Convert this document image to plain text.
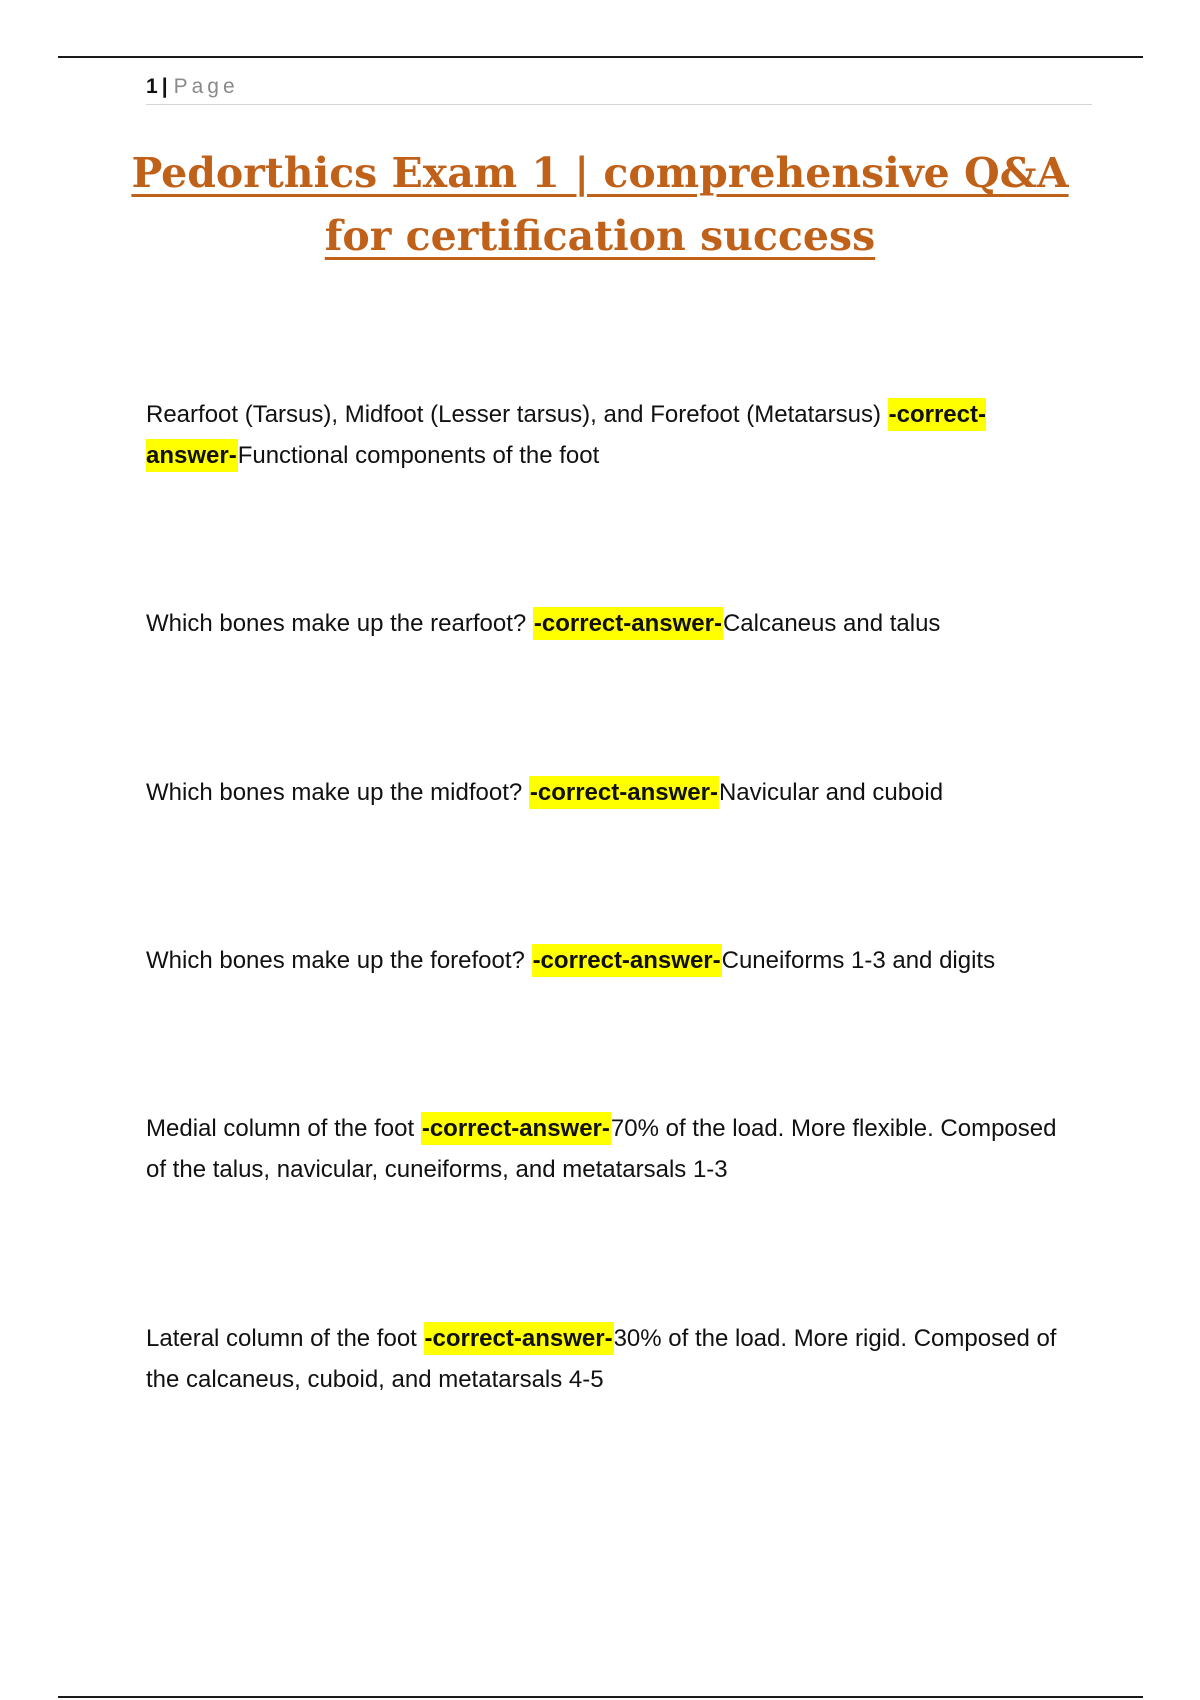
1 | Page
Pedorthics Exam 1 | comprehensive Q&A for certification success

Rearfoot (Tarsus), Midfoot (Lesser tarsus), and Forefoot (Metatarsus) -correct-answer-Functional components of the foot

Which bones make up the rearfoot? -correct-answer-Calcaneus and talus

Which bones make up the midfoot? -correct-answer-Navicular and cuboid

Which bones make up the forefoot? -correct-answer-Cuneiforms 1-3 and digits

Medial column of the foot -correct-answer-70% of the load. More flexible. Composed of the talus, navicular, cuneiforms, and metatarsals 1-3

Lateral column of the foot -correct-answer-30% of the load. More rigid. Composed of the calcaneus, cuboid, and metatarsals 4-5
